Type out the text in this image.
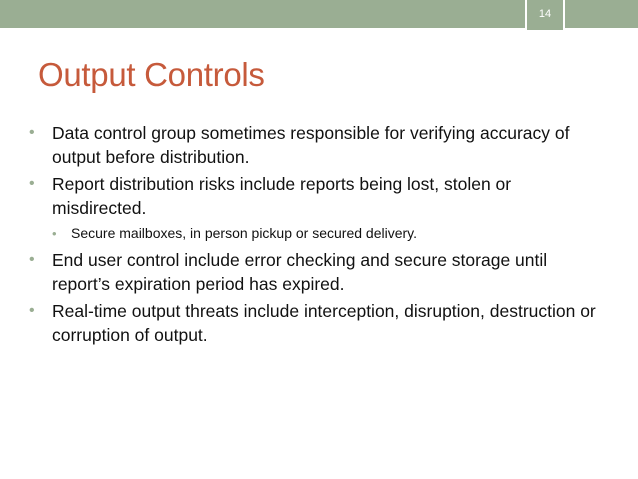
14
Output Controls
• Data control group sometimes responsible for verifying accuracy of output before distribution.
• Report distribution risks include reports being lost, stolen or misdirected.
• Secure mailboxes, in person pickup or secured delivery.
• End user control include error checking and secure storage until report’s expiration period has expired.
• Real-time output threats include interception, disruption, destruction or corruption of output.
